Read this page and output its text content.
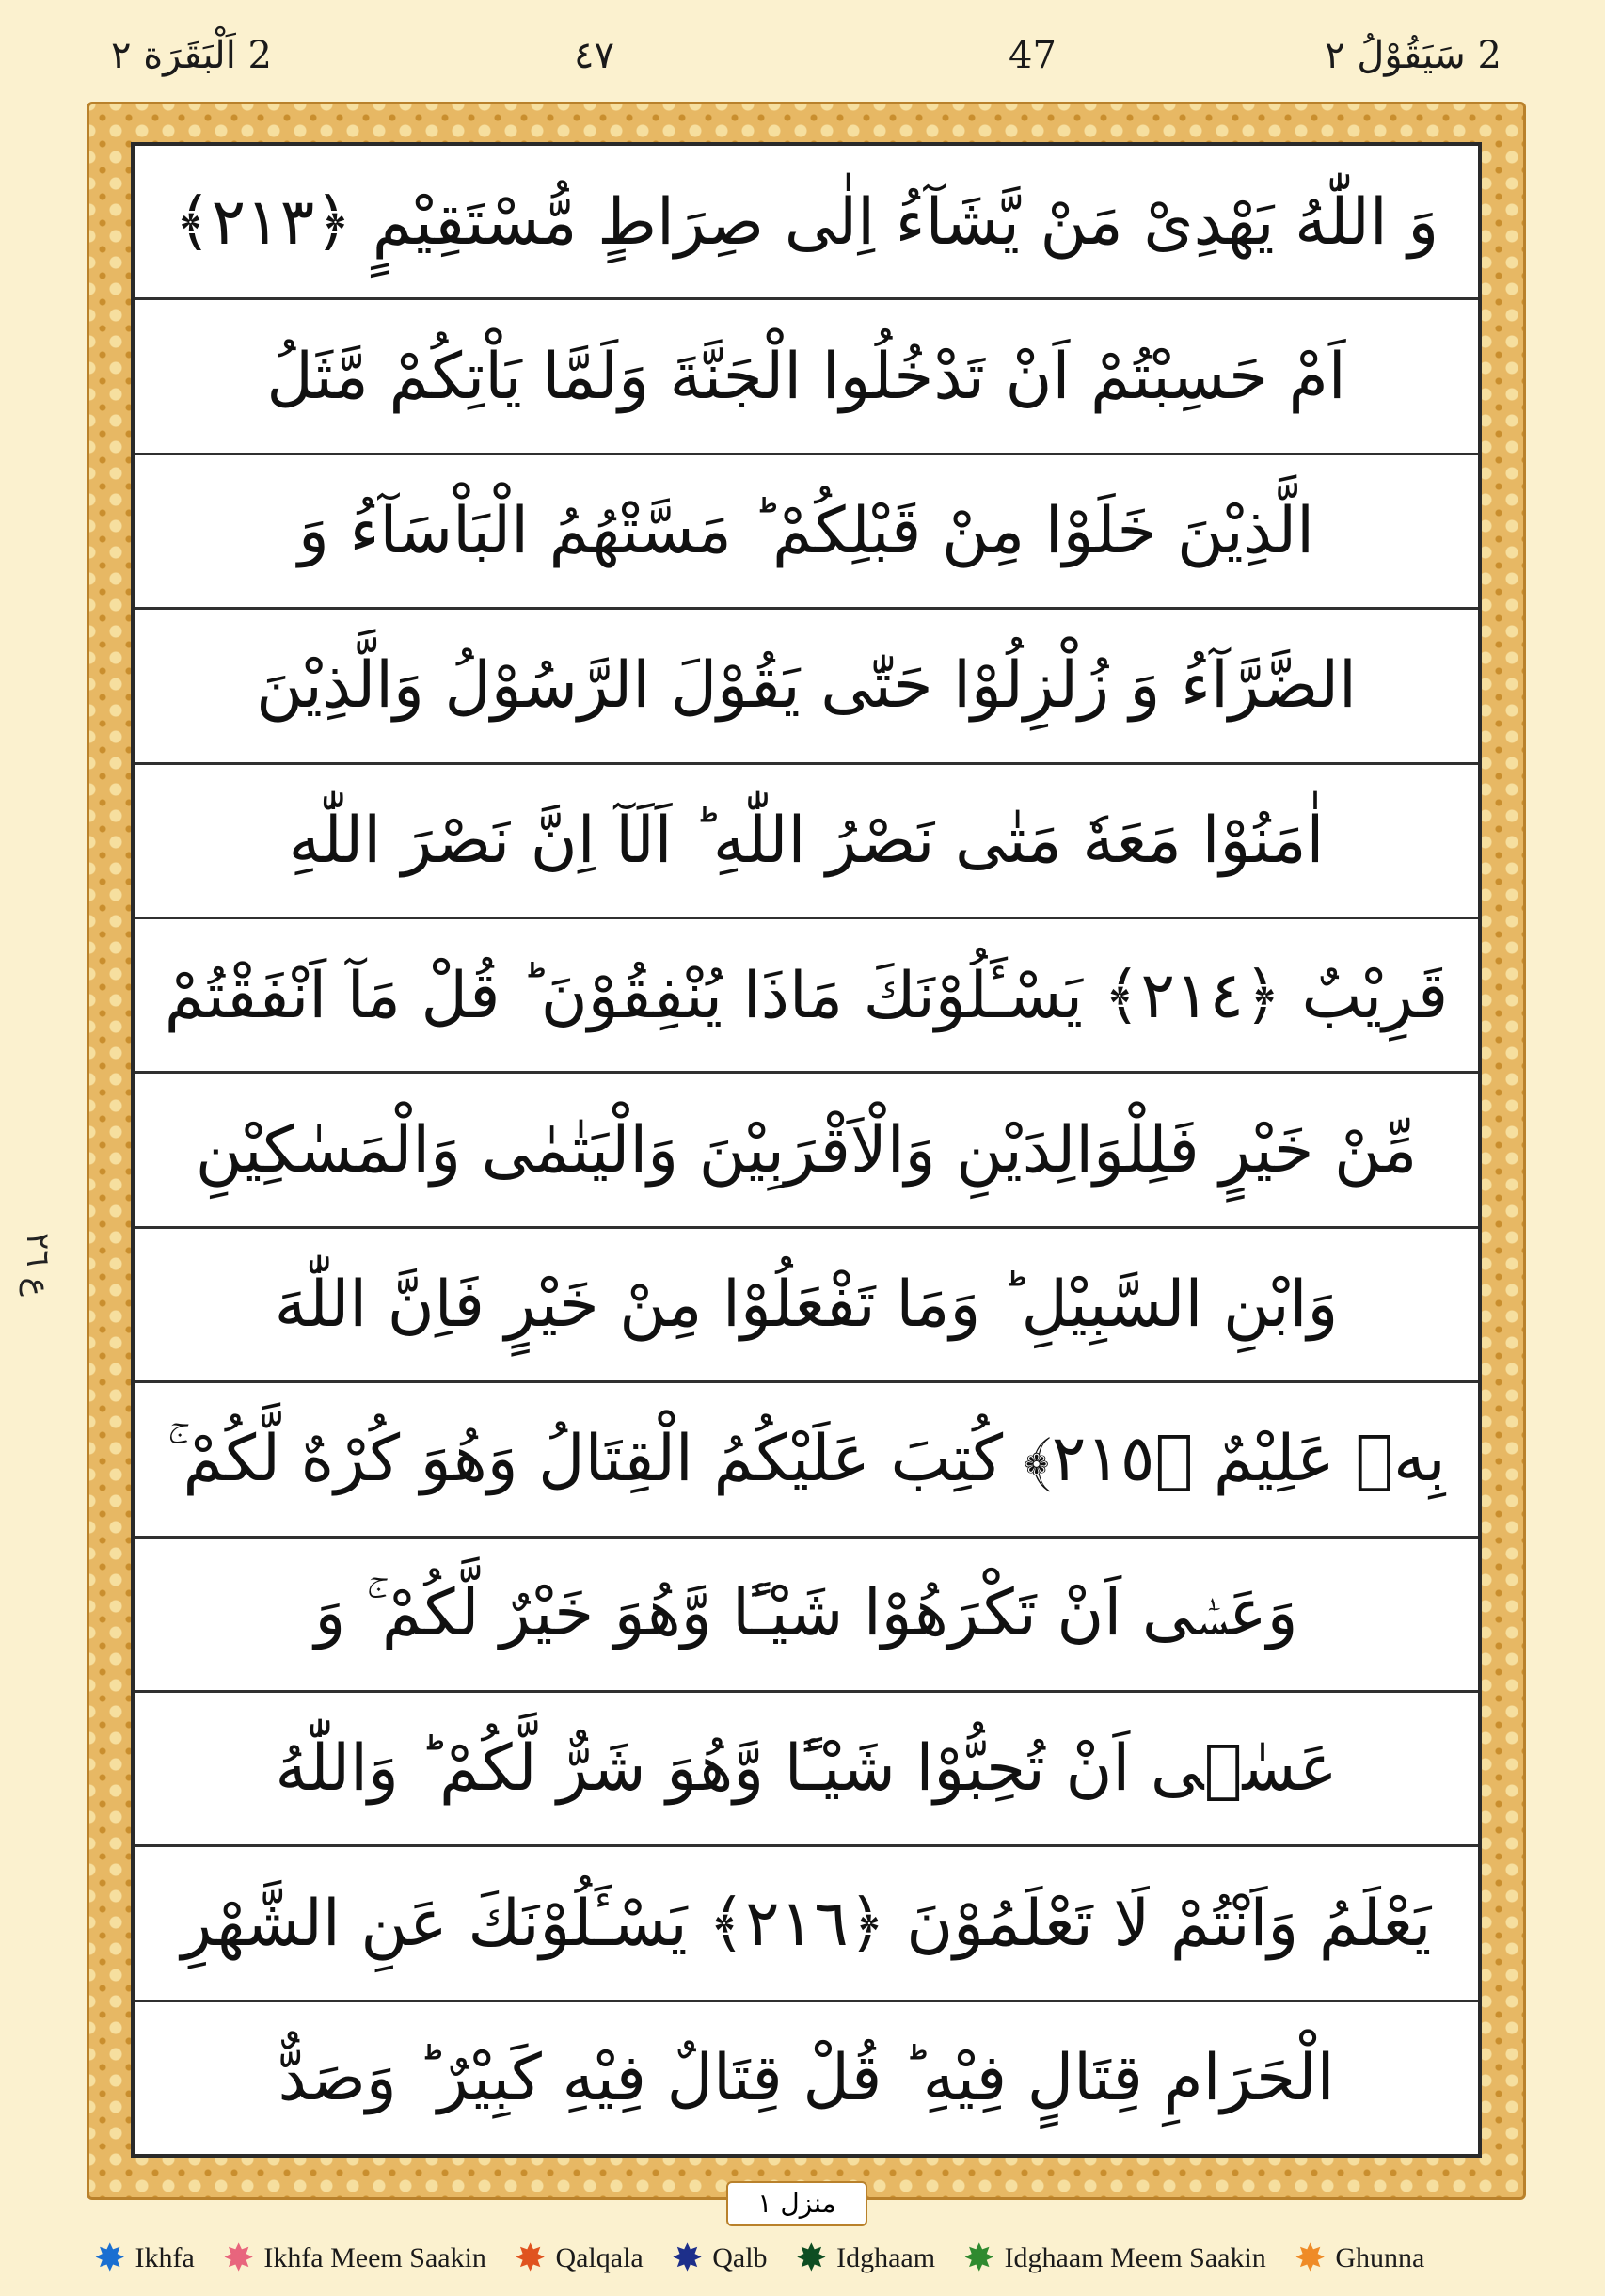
2 اَلْبَقَرَة ٢	٤٧	47	2 سَيَقُوْلُ ٢
وَ اللّٰهُ يَهْدِىْ مَنْ يَّشَآءُ اِلٰى صِرَاطٍ مُّسْتَقِيْمٍ ﴿٢١٣﴾
اَمْ حَسِبْتُمْ اَنْ تَدْخُلُوا الْجَنَّةَ وَلَمَّا يَاْتِكُمْ مَّثَلُ
الَّذِيْنَ خَلَوْا مِنْ قَبْلِكُمْ ؕ مَسَّتْهُمُ الْبَاْسَآءُ وَ
الضَّرَّآءُ وَ زُلْزِلُوْا حَتّٰى يَقُوْلَ الرَّسُوْلُ وَالَّذِيْنَ
اٰمَنُوْا مَعَهٗ مَتٰى نَصْرُ اللّٰهِ ؕ اَلَآ اِنَّ نَصْرَ اللّٰهِ
قَرِيْبٌ ﴿٢١٤﴾ يَسْـَٔلُوْنَكَ مَاذَا يُنْفِقُوْنَ ؕ قُلْ مَآ اَنْفَقْتُمْ
مِّنْ خَيْرٍ فَلِلْوَالِدَيْنِ وَالْاَقْرَبِيْنَ وَالْيَتٰمٰى وَالْمَسٰكِيْنِ
وَابْنِ السَّبِيْلِ ؕ وَمَا تَفْعَلُوْا مِنْ خَيْرٍ فَاِنَّ اللّٰهَ
بِهٖ عَلِيْمٌ ﴿٢١٥﴾ كُتِبَ عَلَيْكُمُ الْقِتَالُ وَهُوَ كُرْهٌ لَّكُمْ ۚ
وَعَسٰۤى اَنْ تَكْرَهُوْا شَيْـًٔا وَّهُوَ خَيْرٌ لَّكُمْ ۚ وَ
عَسٰۤى اَنْ تُحِبُّوْا شَيْـًٔا وَّهُوَ شَرٌّ لَّكُمْ ؕ وَاللّٰهُ
يَعْلَمُ وَاَنْتُمْ لَا تَعْلَمُوْنَ ﴿٢١٦﴾ يَسْـَٔلُوْنَكَ عَنِ الشَّهْرِ
الْحَرَامِ قِتَالٍ فِيْهِ ؕ قُلْ قِتَالٌ فِيْهِ كَبِيْرٌ ؕ وَصَدٌّ
منزل ١
ع ٢٦
✸ Ikhfa ✸ Ikhfa Meem Saakin ✸ Qalqala ✸ Qalb ✸ Idghaam ✸ Idghaam Meem Saakin ✸ Ghunna
